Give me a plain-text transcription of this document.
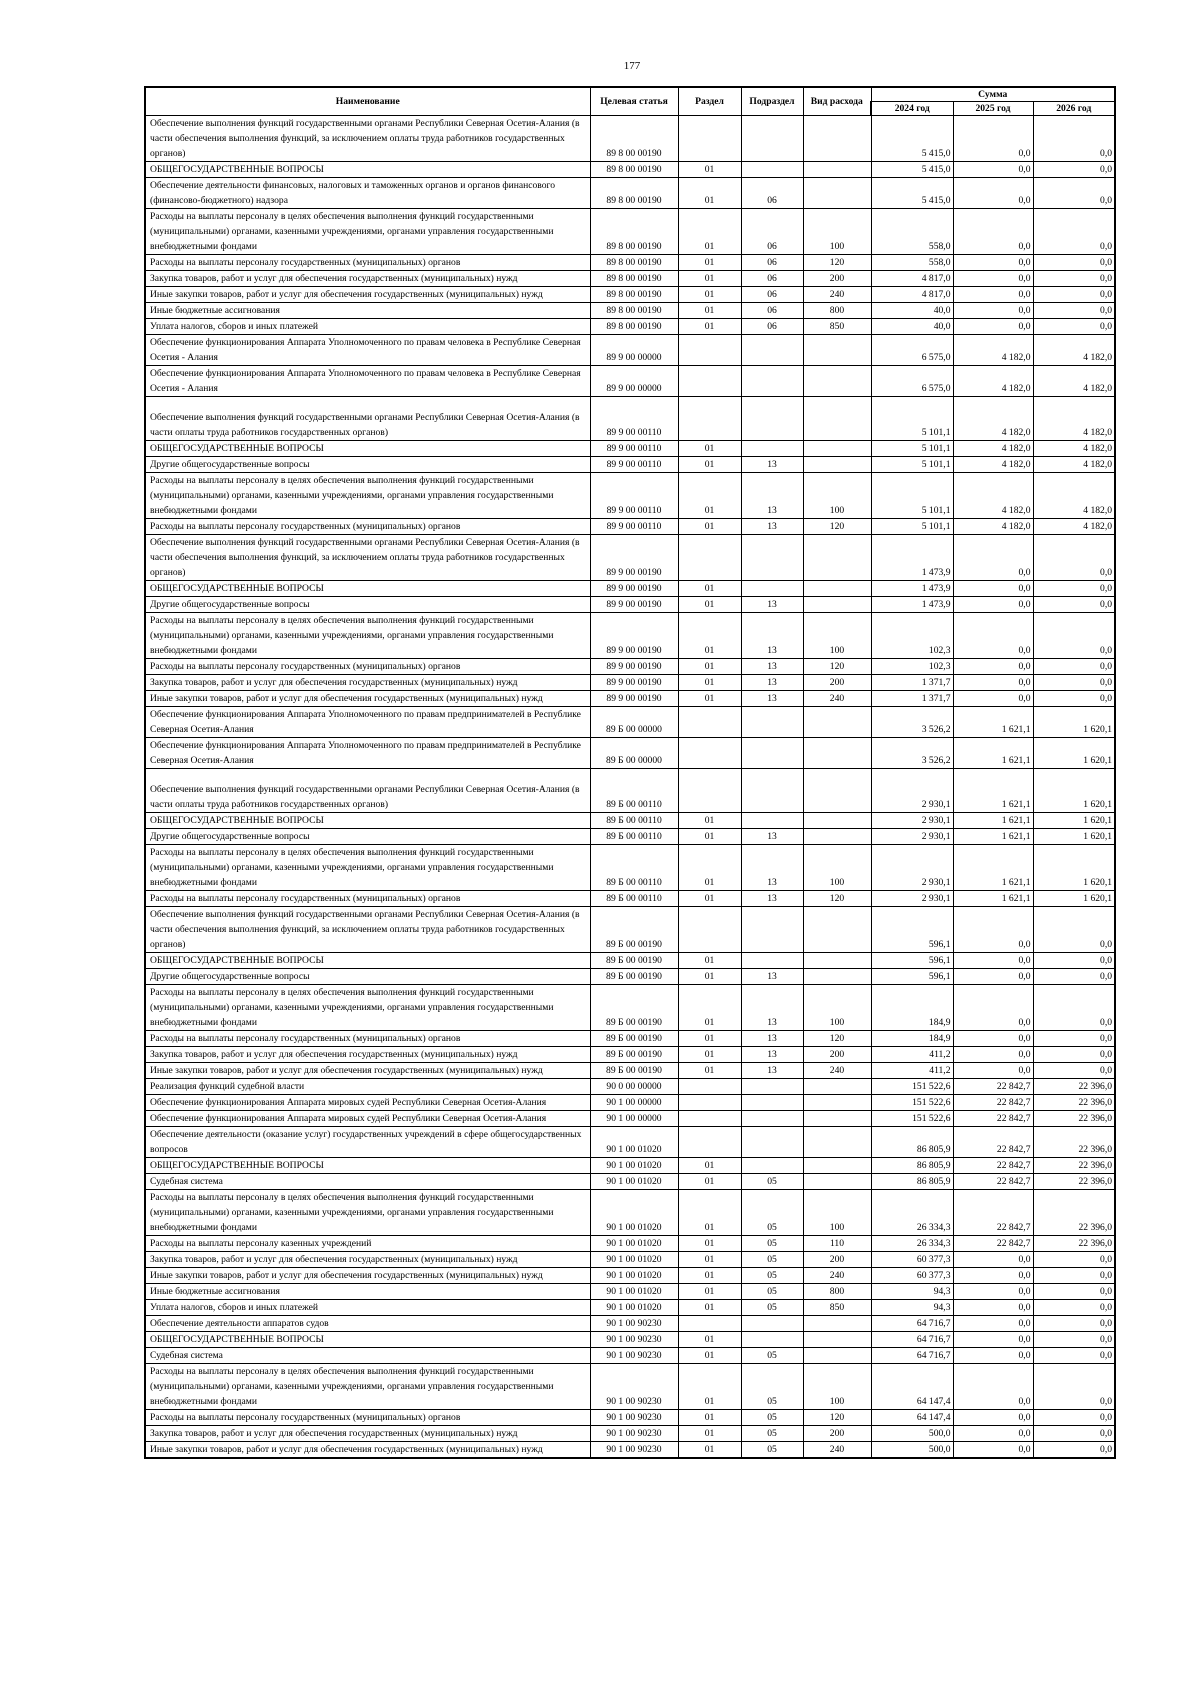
177
Наименование	Целевая статья	Раздел	Подраздел	Вид расхода	Сумма		
					2024 год	2025 год	2026 год
Обеспечение выполнения функций государственными органами Республики Северная Осетия-Алания (в части обеспечения выполнения функций, за исключением оплаты труда работников государственных органов)	89 8 00 00190				5 415,0	0,0	0,0
ОБЩЕГОСУДАРСТВЕННЫЕ ВОПРОСЫ	89 8 00 00190	01			5 415,0	0,0	0,0
Обеспечение деятельности финансовых, налоговых и таможенных органов и органов финансового (финансово-бюджетного) надзора	89 8 00 00190	01	06		5 415,0	0,0	0,0
Расходы на выплаты персоналу в целях обеспечения выполнения функций государственными (муниципальными) органами, казенными учреждениями, органами управления государственными внебюджетными фондами	89 8 00 00190	01	06	100	558,0	0,0	0,0
Расходы на выплаты персоналу государственных (муниципальных) органов	89 8 00 00190	01	06	120	558,0	0,0	0,0
Закупка товаров, работ и услуг для обеспечения государственных (муниципальных) нужд	89 8 00 00190	01	06	200	4 817,0	0,0	0,0
Иные закупки товаров, работ и услуг для обеспечения государственных (муниципальных) нужд	89 8 00 00190	01	06	240	4 817,0	0,0	0,0
Иные бюджетные ассигнования	89 8 00 00190	01	06	800	40,0	0,0	0,0
Уплата налогов, сборов и иных платежей	89 8 00 00190	01	06	850	40,0	0,0	0,0
Обеспечение функционирования Аппарата Уполномоченного по правам человека в Республике Северная Осетия - Алания	89 9 00 00000				6 575,0	4 182,0	4 182,0
Обеспечение функционирования Аппарата Уполномоченного по правам человека в Республике Северная Осетия - Алания	89 9 00 00000				6 575,0	4 182,0	4 182,0
Обеспечение выполнения функций государственными органами Республики Северная Осетия-Алания (в части оплаты труда работников государственных органов)	89 9 00 00110				5 101,1	4 182,0	4 182,0
ОБЩЕГОСУДАРСТВЕННЫЕ ВОПРОСЫ	89 9 00 00110	01			5 101,1	4 182,0	4 182,0
Другие общегосударственные вопросы	89 9 00 00110	01	13		5 101,1	4 182,0	4 182,0
Расходы на выплаты персоналу в целях обеспечения выполнения функций государственными (муниципальными) органами, казенными учреждениями, органами управления государственными внебюджетными фондами	89 9 00 00110	01	13	100	5 101,1	4 182,0	4 182,0
Расходы на выплаты персоналу государственных (муниципальных) органов	89 9 00 00110	01	13	120	5 101,1	4 182,0	4 182,0
Обеспечение выполнения функций государственными органами Республики Северная Осетия-Алания (в части обеспечения выполнения функций, за исключением оплаты труда работников государственных органов)	89 9 00 00190				1 473,9	0,0	0,0
ОБЩЕГОСУДАРСТВЕННЫЕ ВОПРОСЫ	89 9 00 00190	01			1 473,9	0,0	0,0
Другие общегосударственные вопросы	89 9 00 00190	01	13		1 473,9	0,0	0,0
Расходы на выплаты персоналу в целях обеспечения выполнения функций государственными (муниципальными) органами, казенными учреждениями, органами управления государственными внебюджетными фондами	89 9 00 00190	01	13	100	102,3	0,0	0,0
Расходы на выплаты персоналу государственных (муниципальных) органов	89 9 00 00190	01	13	120	102,3	0,0	0,0
Закупка товаров, работ и услуг для обеспечения государственных (муниципальных) нужд	89 9 00 00190	01	13	200	1 371,7	0,0	0,0
Иные закупки товаров, работ и услуг для обеспечения государственных (муниципальных) нужд	89 9 00 00190	01	13	240	1 371,7	0,0	0,0
Обеспечение функционирования Аппарата Уполномоченного по правам предпринимателей в Республике Северная Осетия-Алания	89 Б 00 00000				3 526,2	1 621,1	1 620,1
Обеспечение функционирования Аппарата Уполномоченного по правам предпринимателей в Республике Северная Осетия-Алания	89 Б 00 00000				3 526,2	1 621,1	1 620,1
Обеспечение выполнения функций государственными органами Республики Северная Осетия-Алания (в части оплаты труда работников государственных органов)	89 Б 00 00110				2 930,1	1 621,1	1 620,1
ОБЩЕГОСУДАРСТВЕННЫЕ ВОПРОСЫ	89 Б 00 00110	01			2 930,1	1 621,1	1 620,1
Другие общегосударственные вопросы	89 Б 00 00110	01	13		2 930,1	1 621,1	1 620,1
Расходы на выплаты персоналу в целях обеспечения выполнения функций государственными (муниципальными) органами, казенными учреждениями, органами управления государственными внебюджетными фондами	89 Б 00 00110	01	13	100	2 930,1	1 621,1	1 620,1
Расходы на выплаты персоналу государственных (муниципальных) органов	89 Б 00 00110	01	13	120	2 930,1	1 621,1	1 620,1
Обеспечение выполнения функций государственными органами Республики Северная Осетия-Алания (в части обеспечения выполнения функций, за исключением оплаты труда работников государственных органов)	89 Б 00 00190				596,1	0,0	0,0
ОБЩЕГОСУДАРСТВЕННЫЕ ВОПРОСЫ	89 Б 00 00190	01			596,1	0,0	0,0
Другие общегосударственные вопросы	89 Б 00 00190	01	13		596,1	0,0	0,0
Расходы на выплаты персоналу в целях обеспечения выполнения функций государственными (муниципальными) органами, казенными учреждениями, органами управления государственными внебюджетными фондами	89 Б 00 00190	01	13	100	184,9	0,0	0,0
Расходы на выплаты персоналу государственных (муниципальных) органов	89 Б 00 00190	01	13	120	184,9	0,0	0,0
Закупка товаров, работ и услуг для обеспечения государственных (муниципальных) нужд	89 Б 00 00190	01	13	200	411,2	0,0	0,0
Иные закупки товаров, работ и услуг для обеспечения государственных (муниципальных) нужд	89 Б 00 00190	01	13	240	411,2	0,0	0,0
Реализация функций судебной власти	90 0 00 00000				151 522,6	22 842,7	22 396,0
Обеспечение функционирования Аппарата мировых судей Республики Северная Осетия-Алания	90 1 00 00000				151 522,6	22 842,7	22 396,0
Обеспечение функционирования Аппарата мировых судей Республики Северная Осетия-Алания	90 1 00 00000				151 522,6	22 842,7	22 396,0
Обеспечение деятельности (оказание услуг) государственных учреждений в сфере общегосударственных вопросов	90 1 00 01020				86 805,9	22 842,7	22 396,0
ОБЩЕГОСУДАРСТВЕННЫЕ ВОПРОСЫ	90 1 00 01020	01			86 805,9	22 842,7	22 396,0
Судебная система	90 1 00 01020	01	05		86 805,9	22 842,7	22 396,0
Расходы на выплаты персоналу в целях обеспечения выполнения функций государственными (муниципальными) органами, казенными учреждениями, органами управления государственными внебюджетными фондами	90 1 00 01020	01	05	100	26 334,3	22 842,7	22 396,0
Расходы на выплаты персоналу казенных учреждений	90 1 00 01020	01	05	110	26 334,3	22 842,7	22 396,0
Закупка товаров, работ и услуг для обеспечения государственных (муниципальных) нужд	90 1 00 01020	01	05	200	60 377,3	0,0	0,0
Иные закупки товаров, работ и услуг для обеспечения государственных (муниципальных) нужд	90 1 00 01020	01	05	240	60 377,3	0,0	0,0
Иные бюджетные ассигнования	90 1 00 01020	01	05	800	94,3	0,0	0,0
Уплата налогов, сборов и иных платежей	90 1 00 01020	01	05	850	94,3	0,0	0,0
Обеспечение деятельности аппаратов судов	90 1 00 90230				64 716,7	0,0	0,0
ОБЩЕГОСУДАРСТВЕННЫЕ ВОПРОСЫ	90 1 00 90230	01			64 716,7	0,0	0,0
Судебная система	90 1 00 90230	01	05		64 716,7	0,0	0,0
Расходы на выплаты персоналу в целях обеспечения выполнения функций государственными (муниципальными) органами, казенными учреждениями, органами управления государственными внебюджетными фондами	90 1 00 90230	01	05	100	64 147,4	0,0	0,0
Расходы на выплаты персоналу государственных (муниципальных) органов	90 1 00 90230	01	05	120	64 147,4	0,0	0,0
Закупка товаров, работ и услуг для обеспечения государственных (муниципальных) нужд	90 1 00 90230	01	05	200	500,0	0,0	0,0
Иные закупки товаров, работ и услуг для обеспечения государственных (муниципальных) нужд	90 1 00 90230	01	05	240	500,0	0,0	0,0
